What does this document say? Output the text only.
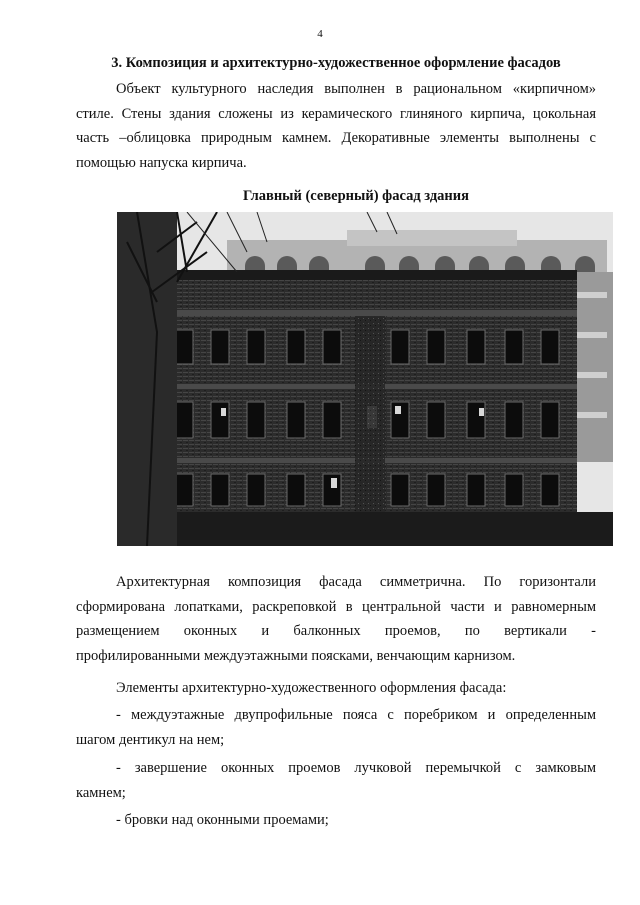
4
3. Композиция и архитектурно-художественное оформление фасадов

Объект культурного наследия выполнен в рациональном «кирпичном»
стиле. Стены здания сложены из керамического глиняного кирпича, цокольная
часть –облицовка природным камнем. Декоративные элементы выполнены с
помощью напуска кирпича.

Главный (северный) фасад здания

Архитектурная композиция фасада симметрична. По горизонтали
сформирована лопатками, раскреповкой в центральной части и равномерным
размещением оконных и балконных проемов, по вертикали -
профилированными междуэтажными поясками, венчающим карнизом.

Элементы архитектурно-художественного оформления фасада:

- междуэтажные двупрофильные пояса с поребриком и определенным
шагом дентикул на нем;

- завершение оконных проемов лучковой перемычкой с замковым
камнем;

- бровки над оконными проемами;
